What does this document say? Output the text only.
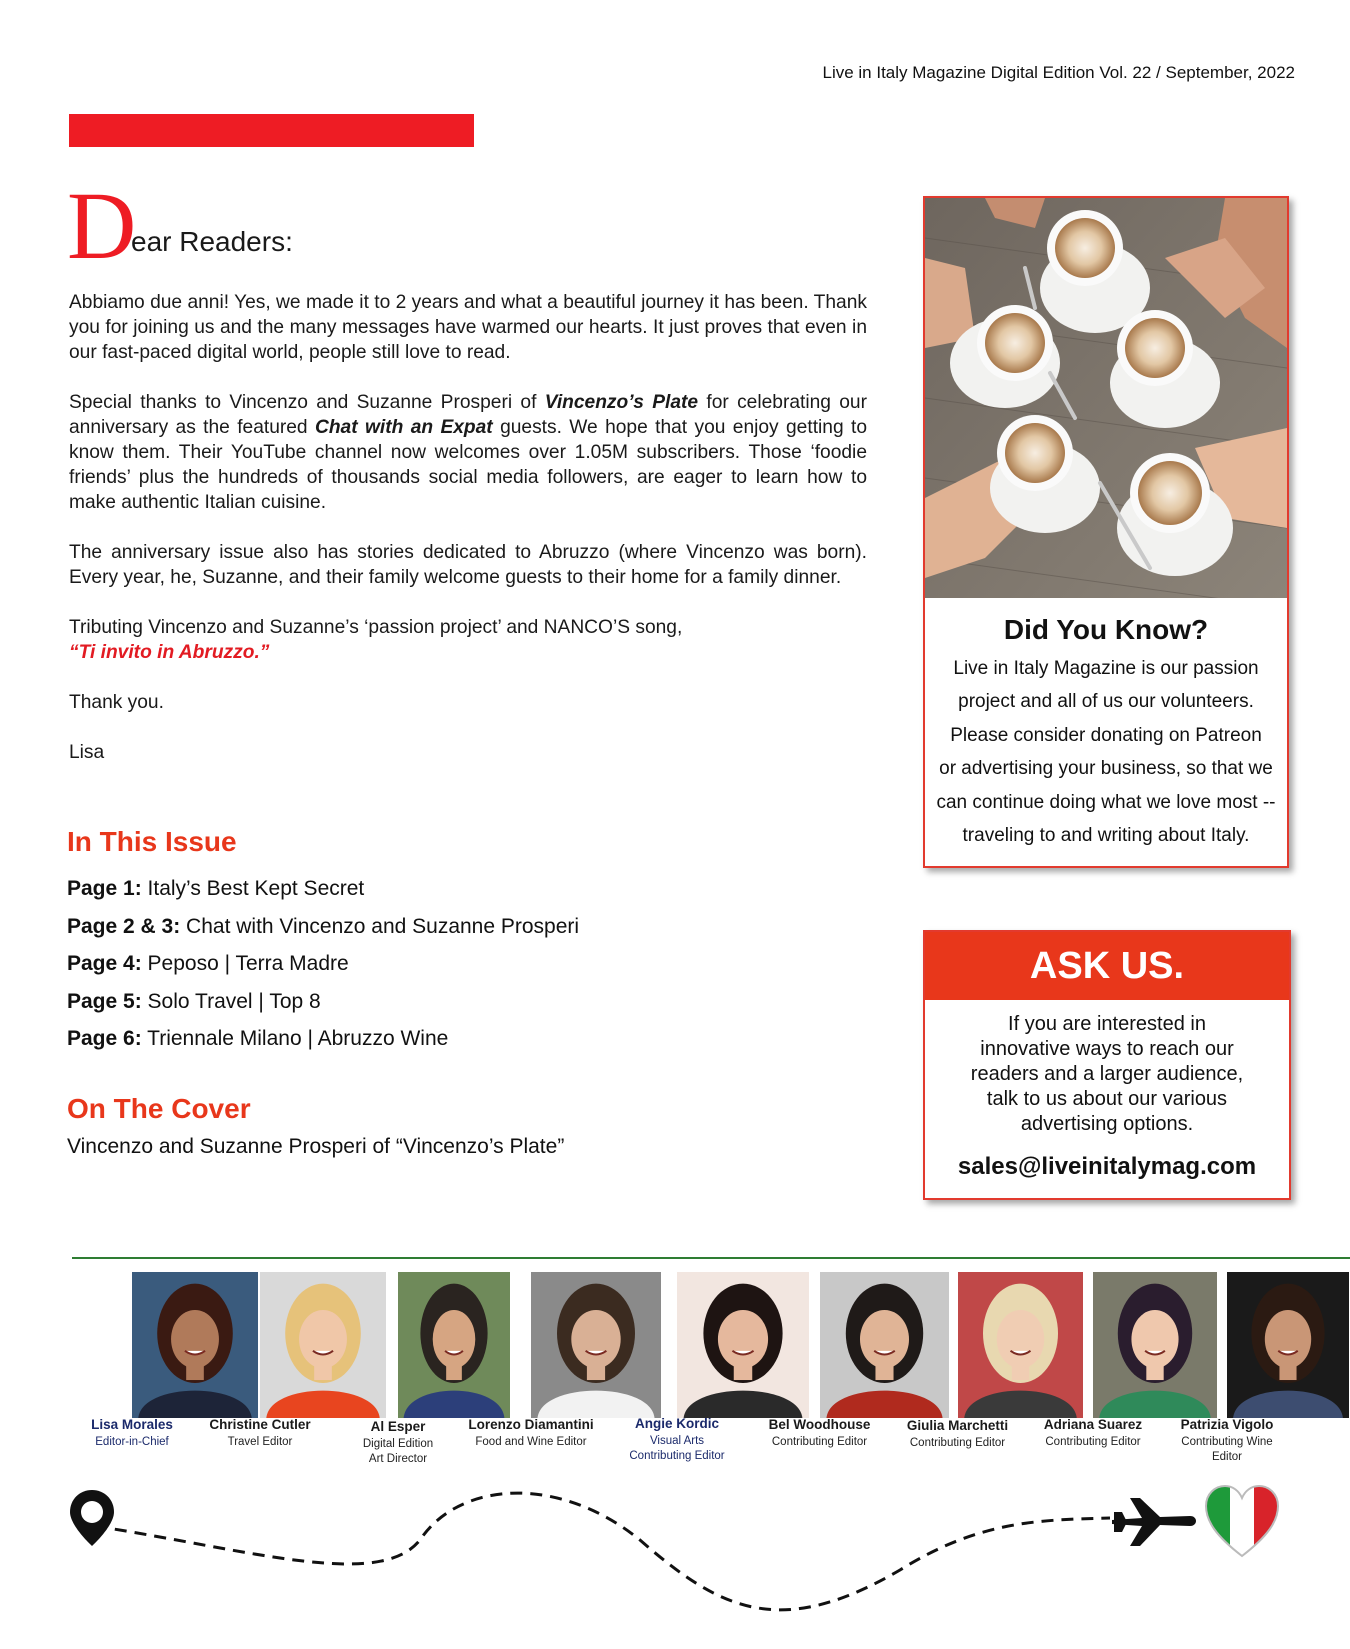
Live in Italy Magazine Digital Edition Vol. 22 / September, 2022
D
ear Readers:

Abbiamo due anni! Yes, we made it to 2 years and what a beautiful journey it has been. Thank you for joining us and the many messages have warmed our hearts. It just proves that even in our fast-paced digital world, people still love to read.

Special thanks to Vincenzo and Suzanne Prosperi of Vincenzo’s Plate for celebrating our anniversary as the featured Chat with an Expat guests. We hope that you enjoy getting to know them. Their YouTube channel now welcomes over 1.05M subscribers. Those ‘foodie friends’ plus the hundreds of thousands social media followers, are eager to learn how to make authentic Italian cuisine.

The anniversary issue also has stories dedicated to Abruzzo (where Vincenzo was born). Every year, he, Suzanne, and their family welcome guests to their home for a family dinner.

Tributing Vincenzo and Suzanne’s ‘passion project’ and NANCO’S song,
“Ti invito in Abruzzo.”

Thank you.

Lisa

In This Issue
Page 1: Italy’s Best Kept Secret
Page 2 & 3: Chat with Vincenzo and Suzanne Prosperi
Page 4: Peposo | Terra Madre
Page 5: Solo Travel | Top 8
Page 6: Triennale Milano | Abruzzo Wine
On The Cover
Vincenzo and Suzanne Prosperi of “Vincenzo’s Plate”
Did You Know?
Live in Italy Magazine is our passion
project and all of us our volunteers.
Please consider donating on Patreon
or advertising your business, so that we
can continue doing what we love most --
traveling to and writing about Italy.
ASK US.
If you are interested in
innovative ways to reach our
readers and a larger audience,
talk to us about our various
advertising options.
sales@liveinitalymag.com
Lisa Morales
Editor-in-Chief
Christine Cutler
Travel Editor
Al Esper
Digital Edition
Art Director
Lorenzo Diamantini
Food and Wine Editor
Angie Kordic
Visual Arts
Contributing Editor
Bel Woodhouse
Contributing Editor
Giulia Marchetti
Contributing Editor
Adriana Suarez
Contributing Editor
Patrizia Vigolo
Contributing Wine
Editor
